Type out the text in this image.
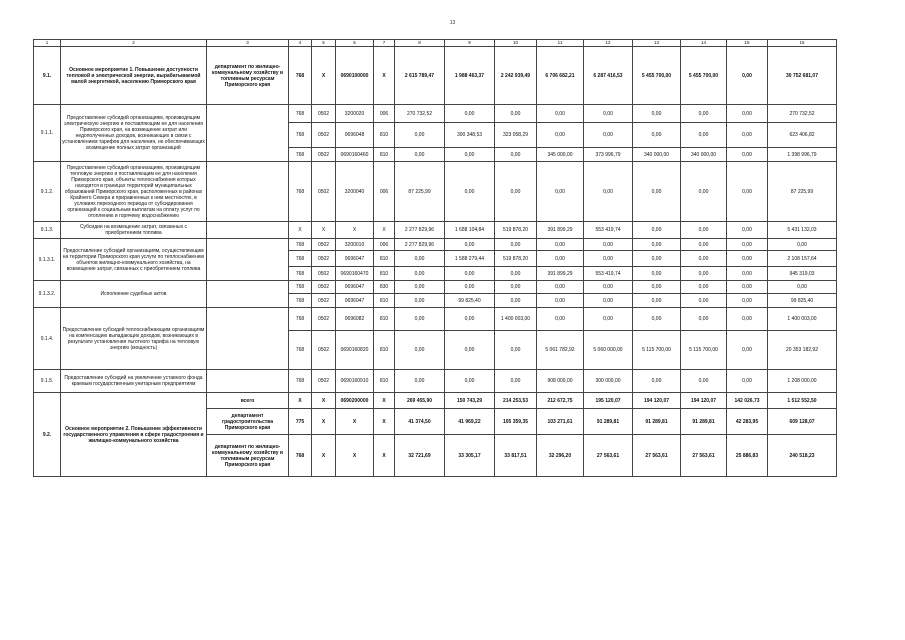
13
1	2	3	4	5	6	7	8	9	10	11	12	13	14	15	16
9.1.	Основное мероприятие 1. Повышение доступности тепловой и электрической энергии, вырабатываемой малой энергетикой, населению Приморского края	департамент по жилищно-коммунальному хозяйству и топливным ресурсам Приморского края	768	X	0690100000	X	2 615 789,47	1 988 463,37	2 242 939,49	6 706 682,21	6 287 416,53	5 455 700,00	5 455 700,00	0,00	30 752 681,07
9.1.1.	Предоставление субсидий организациям, производящим электрическую энергию и поставляющим ее для населения Приморского края, на возмещение затрат или недополученных доходов, возникающих в связи с установлением тарифов для населения, не обеспечивающих возмещение полных затрат организаций		768	0502	3200020	006	270 732,52	0,00	0,00	0,00	0,00	0,00	0,00	0,00	270 732,52
			768	0502	0696048	810	0,00	300 348,53	323 058,29	0,00	0,00	0,00	0,00	0,00	623 406,82
			768	0502	0690160460	810	0,00	0,00	0,00	345 000,00	373 996,79	340 000,00	340 000,00	0,00	1 398 996,79
9.1.2.	Предоставление субсидий организациям, производящим тепловую энергию и поставляющим ее для населения Приморского края, объекты теплоснабжения которых находятся в границах территорий муниципальных образований Приморского края, расположенных в районах Крайнего Севера и приравненных к ним местностях, в условиях переходного периода от субсидирования организаций к социальным выплатам на оплату услуг по отоплению и горячему водоснабжению		768	0502	3200040	006	87 225,99	0,00	0,00	0,00	0,00	0,00	0,00	0,00	87 225,99
9.1.3.	Субсидии на возмещение затрат, связанных с приобретением топлива		X	X	X	X	2 277 829,96	1 688 104,84	519 878,20	391 899,29	553 419,74	0,00	0,00	0,00	5 431 132,03
9.1.3.1.	Предоставление субсидий организациям, осуществляющим на территории Приморского края услуги по теплоснабжению объектов жилищно-коммунального хозяйства, на возмещение затрат, связанных с приобретением топлива		768	0502	3200010	006	2 277 829,96	0,00	0,00	0,00	0,00	0,00	0,00	0,00	0,00
			768	0502	0696047	810	0,00	1 588 279,44	519 878,20	0,00	0,00	0,00	0,00	0,00	2 108 157,64
			768	0502	0690160470	810	0,00	0,00	0,00	391 899,29	553 419,74	0,00	0,00	0,00	945 319,03
9.1.3.2.	Исполнение судебных актов		768	0502	0696047	830	0,00	0,00	0,00	0,00	0,00	0,00	0,00	0,00	0,00
			768	0502	0696047	810	0,00	99 825,40	0,00	0,00	0,00	0,00	0,00	0,00	99 825,40
9.1.4.	Предоставление субсидий теплоснабжающим организациям на компенсацию выпадающих доходов, возникающих в результате установления льготного тарифа на тепловую энергию (мощность)		768	0502	0696082	810	0,00	0,00	1 400 003,00	0,00	0,00	0,00	0,00	0,00	1 400 003,00
			768	0502	0690160820	810	0,00	0,00	0,00	5 061 782,92	5 060 000,00	5 115 700,00	5 115 700,00	0,00	20 353 182,92
9.1.5.	Предоставление субсидий на увеличение уставного фонда краевым государственным унитарным предприятиям		768	0502	0690160910	810	0,00	0,00	0,00	908 000,00	300 000,00	0,00	0,00	0,00	1 208 000,00
9.2.	Основное мероприятие 2. Повышение эффективности государственного управления в сфере градостроения и жилищно-коммунального хозяйства	всего	X	X	0690200000	X	269 455,90	150 743,29	214 253,53	212 672,75	195 120,07	194 120,07	194 120,07	142 026,73	1 512 552,50
		департамент градостроительства Приморского края	775	X	X	X	41 374,50	41 969,22	105 359,35	103 271,61	91 289,81	91 289,81	91 289,81	42 283,95	609 128,07
		департамент по жилищно-коммунальному хозяйству и топливным ресурсам Приморского края	768	X	X	X	32 721,69	33 305,17	33 817,51	32 296,20	27 563,61	27 563,61	27 563,61	25 886,83	240 518,23
